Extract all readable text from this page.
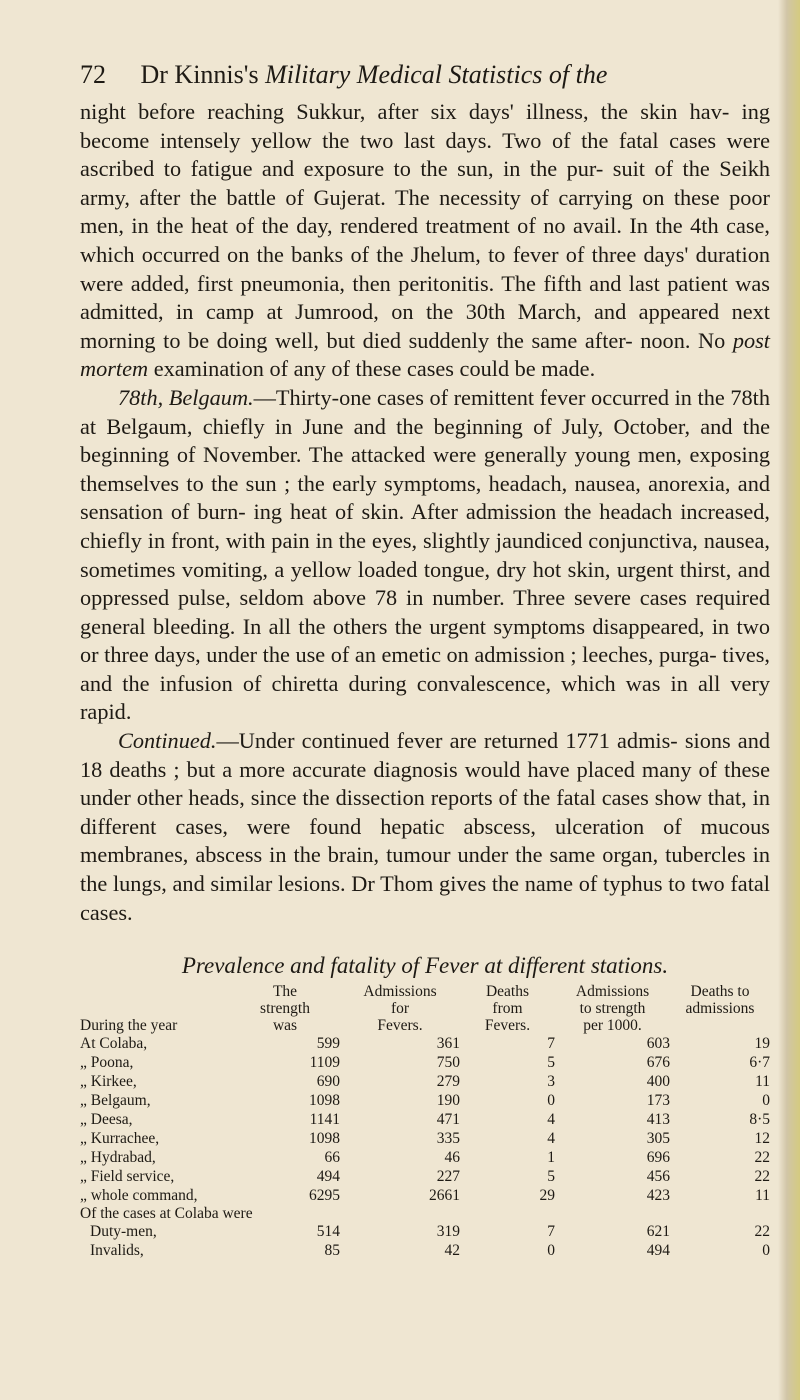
72 Dr Kinnis's Military Medical Statistics of the

night before reaching Sukkur, after six days' illness, the skin hav- ing become intensely yellow the two last days. Two of the fatal cases were ascribed to fatigue and exposure to the sun, in the pur- suit of the Seikh army, after the battle of Gujerat. The necessity of carrying on these poor men, in the heat of the day, rendered treatment of no avail. In the 4th case, which occurred on the banks of the Jhelum, to fever of three days' duration were added, first pneumonia, then peritonitis. The fifth and last patient was admitted, in camp at Jumrood, on the 30th March, and appeared next morning to be doing well, but died suddenly the same after- noon. No post mortem examination of any of these cases could be made.

78th, Belgaum.—Thirty-one cases of remittent fever occurred in the 78th at Belgaum, chiefly in June and the beginning of July, October, and the beginning of November. The attacked were generally young men, exposing themselves to the sun ; the early symptoms, headach, nausea, anorexia, and sensation of burn- ing heat of skin. After admission the headach increased, chiefly in front, with pain in the eyes, slightly jaundiced conjunctiva, nausea, sometimes vomiting, a yellow loaded tongue, dry hot skin, urgent thirst, and oppressed pulse, seldom above 78 in number. Three severe cases required general bleeding. In all the others the urgent symptoms disappeared, in two or three days, under the use of an emetic on admission ; leeches, purga- tives, and the infusion of chiretta during convalescence, which was in all very rapid.

Continued.—Under continued fever are returned 1771 admis- sions and 18 deaths ; but a more accurate diagnosis would have placed many of these under other heads, since the dissection reports of the fatal cases show that, in different cases, were found hepatic abscess, ulceration of mucous membranes, abscess in the brain, tumour under the same organ, tubercles in the lungs, and similar lesions. Dr Thom gives the name of typhus to two fatal cases.

Prevalence and fatality of Fever at different stations.
	The	Admissions	Deaths	Admissions	Deaths to
	strength	for	from	to strength	admissions
During the year	was	Fevers.	Fevers.	per 1000.	
At Colaba,	599	361	7	603	19
„ Poona,	1109	750	5	676	6·7
„ Kirkee,	690	279	3	400	11
„ Belgaum,	1098	190	0	173	0
„ Deesa,	1141	471	4	413	8·5
„ Kurrachee,	1098	335	4	305	12
„ Hydrabad,	66	46	1	696	22
„ Field service,	494	227	5	456	22
„ whole command,	6295	2661	29	423	11
Of the cases at Colaba were					
Duty-men,	514	319	7	621	22
Invalids,	85	42	0	494	0
